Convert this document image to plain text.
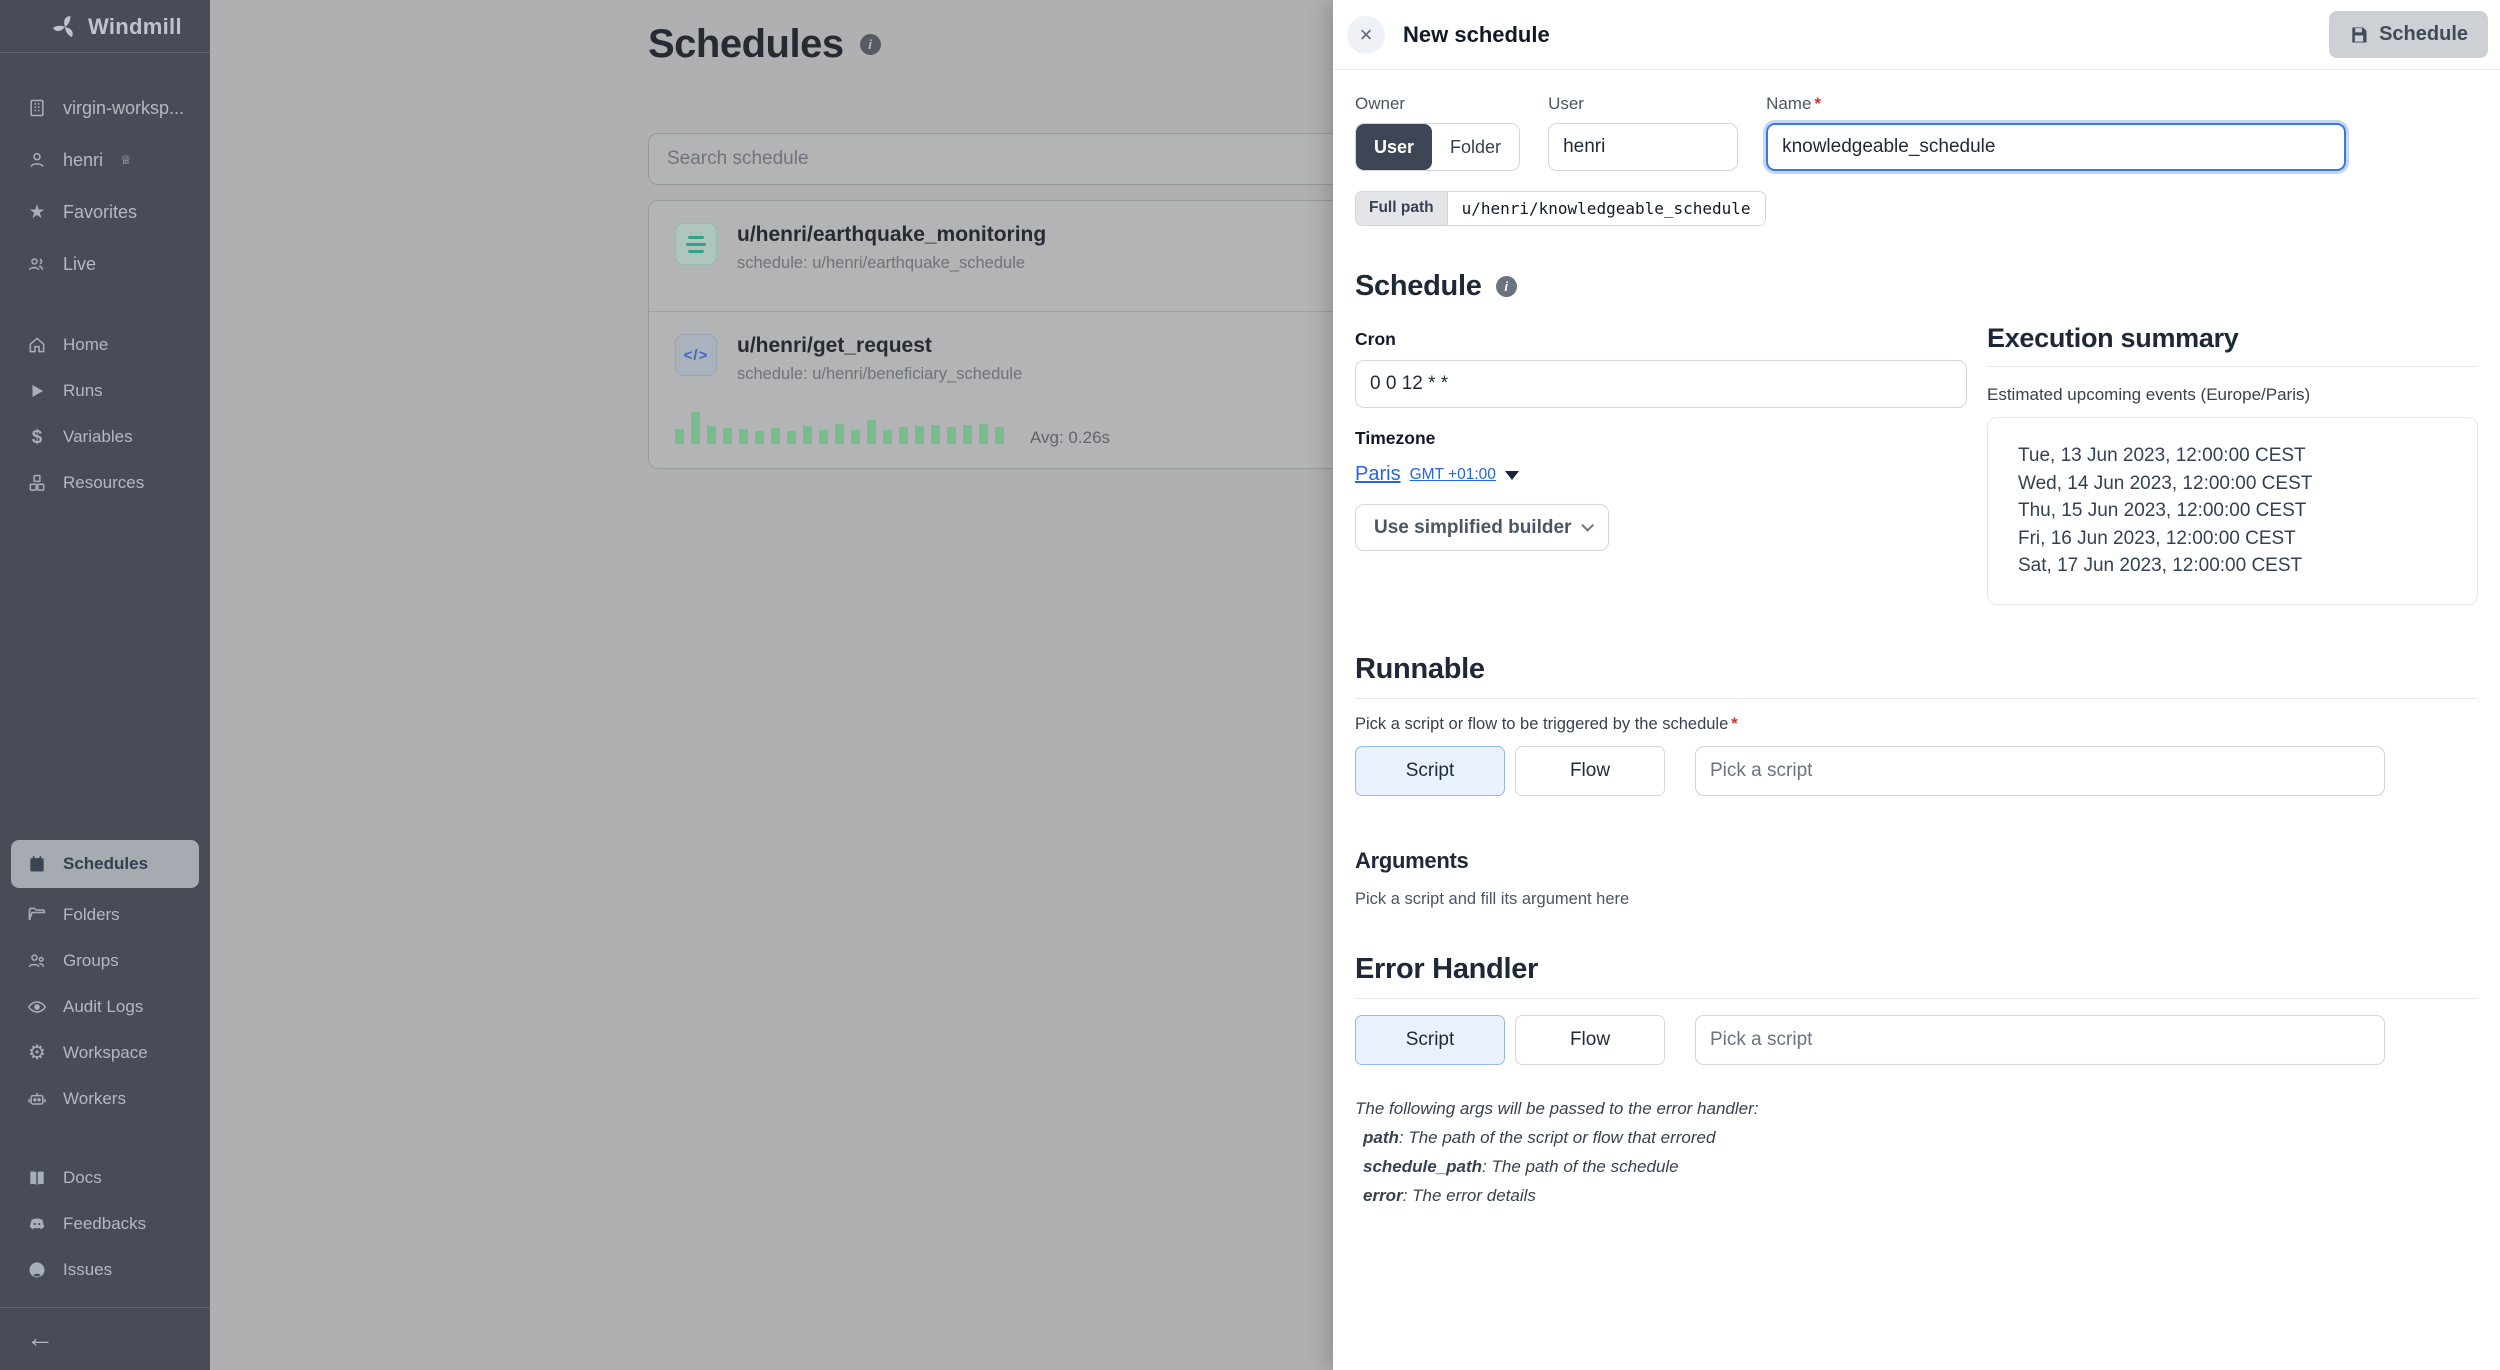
Windmill
virgin-worksp...
henri ♕
★ Favorites
Live
Home
Runs
$	Variables
Resources
Schedules
Folders
Groups
Audit Logs
⚙ Workspace
Workers
Docs
Feedbacks
Issues
←
Schedules	i
Search schedule
u/henri/earthquake_monitoring
schedule: u/henri/earthquake_schedule
</>	u/henri/get_request
schedule: u/henri/beneficiary_schedule
Avg: 0.26s
×	New schedule	Schedule
Owner
User	Folder
User
henri	Name *
knowledgeable_schedule
Full path	u/henri/knowledgeable_schedule
Schedule	i
Cron
0 0 12 * *
Timezone
Paris GMT +01:00
Use simplified builder
Execution summary
Estimated upcoming events (Europe/Paris)
Tue, 13 Jun 2023, 12:00:00 CEST
Wed, 14 Jun 2023, 12:00:00 CEST
Thu, 15 Jun 2023, 12:00:00 CEST
Fri, 16 Jun 2023, 12:00:00 CEST
Sat, 17 Jun 2023, 12:00:00 CEST
Runnable
Pick a script or flow to be triggered by the schedule *
Script	Flow
Pick a script
Arguments
Pick a script and fill its argument here
Error Handler
Script	Flow
Pick a script
The following args will be passed to the error handler:
path: The path of the script or flow that errored
schedule_path: The path of the schedule
error: The error details
